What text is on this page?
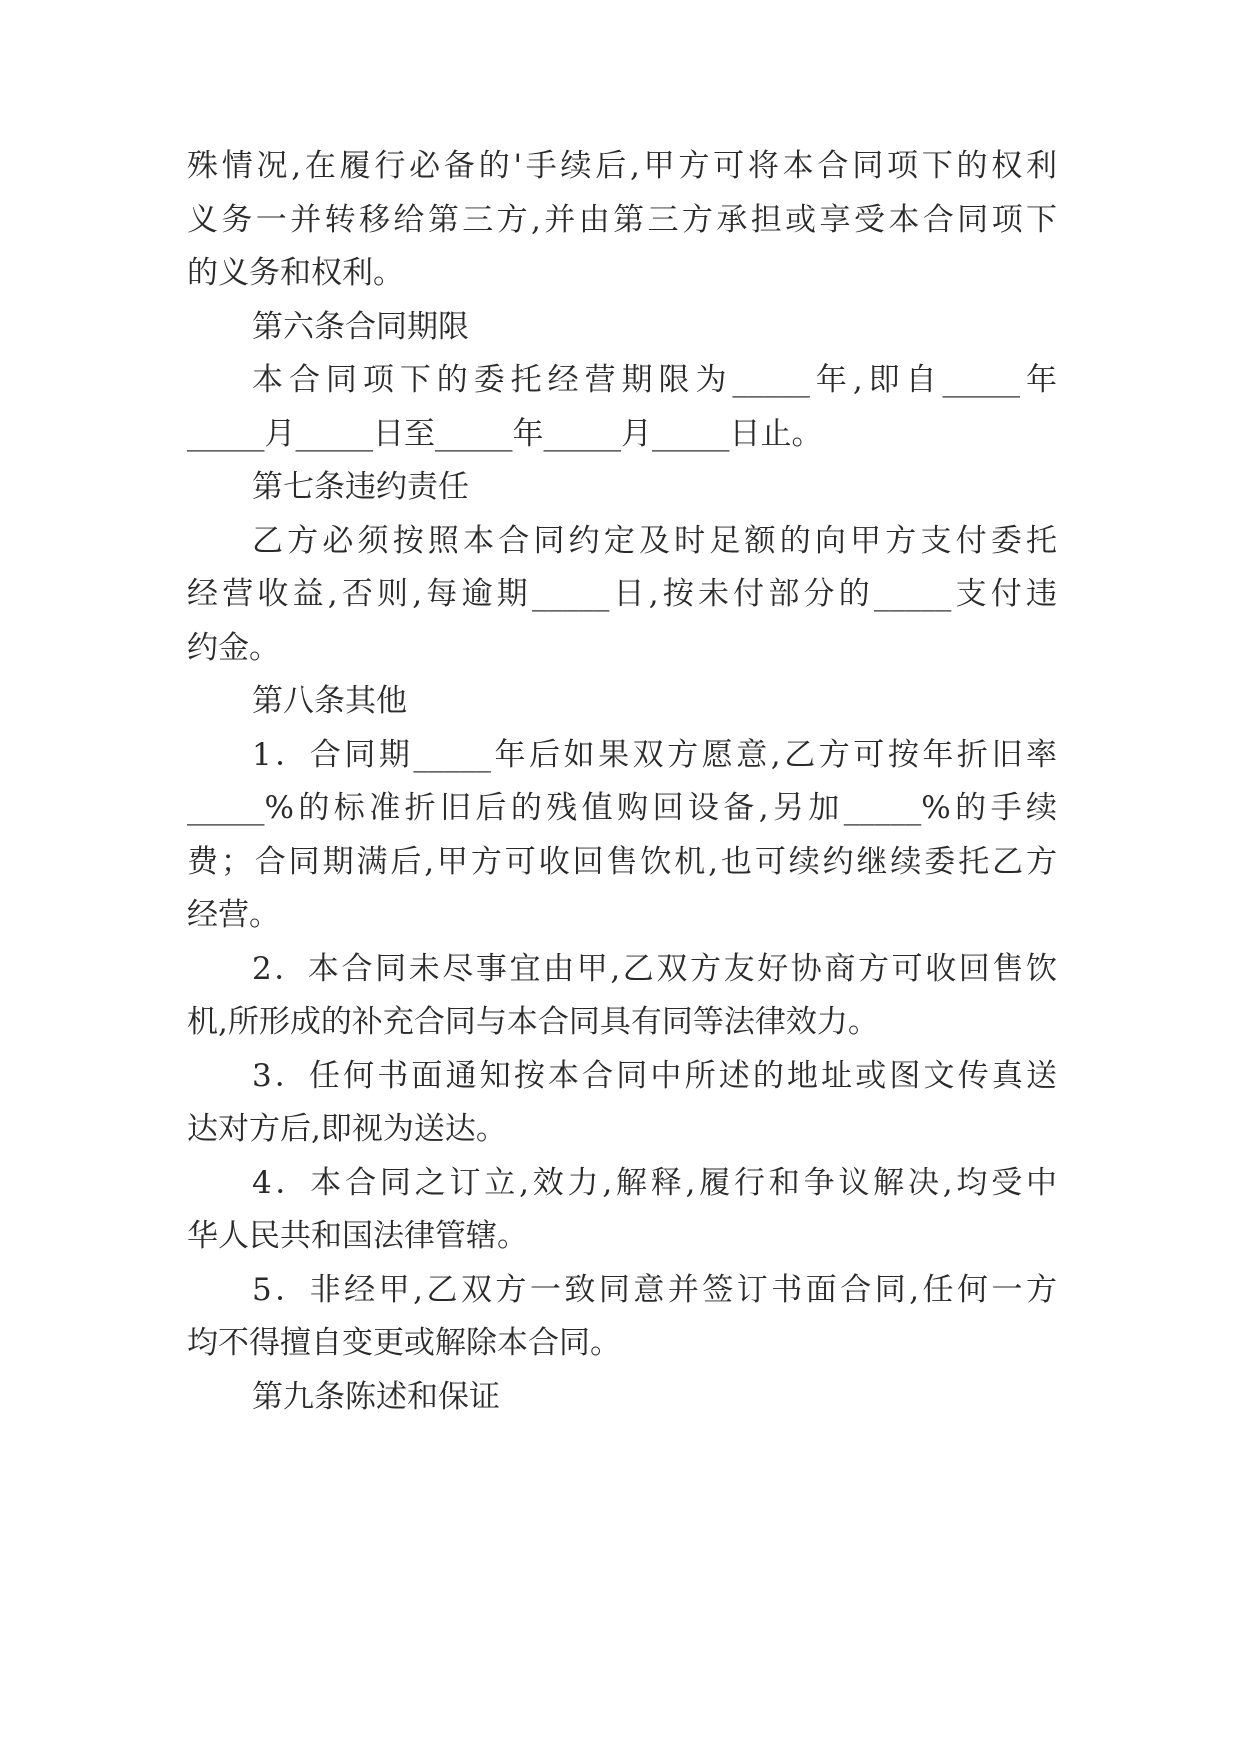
殊情况,在履行必备的'手续后,甲方可将本合同项下的权利
义务一并转移给第三方,并由第三方承担或享受本合同项下
的义务和权利。
第六条合同期限
本合同项下的委托经营期限为_____年,即自_____年
_____月_____日至_____年_____月_____日止。
第七条违约责任
乙方必须按照本合同约定及时足额的向甲方支付委托
经营收益,否则,每逾期_____日,按未付部分的_____支付违
约金。
第八条其他
1．合同期_____年后如果双方愿意,乙方可按年折旧率
_____%的标准折旧后的残值购回设备,另加_____%的手续
费；合同期满后,甲方可收回售饮机,也可续约继续委托乙方
经营。
2．本合同未尽事宜由甲,乙双方友好协商方可收回售饮
机,所形成的补充合同与本合同具有同等法律效力。
3．任何书面通知按本合同中所述的地址或图文传真送
达对方后,即视为送达。
4．本合同之订立,效力,解释,履行和争议解决,均受中
华人民共和国法律管辖。
5．非经甲,乙双方一致同意并签订书面合同,任何一方
均不得擅自变更或解除本合同。
第九条陈述和保证
